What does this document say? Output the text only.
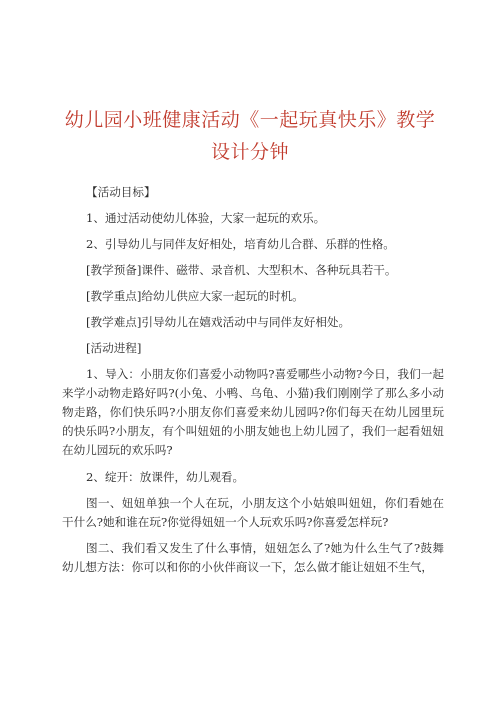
幼儿园小班健康活动《一起玩真快乐》教学设计分钟

【活动目标】

1、通过活动使幼儿体验，大家一起玩的欢乐。

2、引导幼儿与同伴友好相处，培育幼儿合群、乐群的性格。

[教学预备]课件、磁带、录音机、大型积木、各种玩具若干。

[教学重点]给幼儿供应大家一起玩的时机。

[教学难点]引导幼儿在嬉戏活动中与同伴友好相处。

[活动进程]

1、导入：小朋友你们喜爱小动物吗?喜爱哪些小动物?今日，我们一起来学小动物走路好吗?(小兔、小鸭、乌龟、小猫)我们刚刚学了那么多小动物走路，你们快乐吗?小朋友你们喜爱来幼儿园吗?你们每天在幼儿园里玩的快乐吗?小朋友，有个叫妞妞的小朋友她也上幼儿园了，我们一起看妞妞在幼儿园玩的欢乐吗?

2、绽开：放课件，幼儿观看。

图一、妞妞单独一个人在玩，小朋友这个小姑娘叫妞妞，你们看她在干什么?她和谁在玩?你觉得妞妞一个人玩欢乐吗?你喜爱怎样玩?

图二、我们看又发生了什么事情，妞妞怎么了?她为什么生气了?鼓舞幼儿想方法：你可以和你的小伙伴商议一下，怎么做才能让妞妞不生气，
